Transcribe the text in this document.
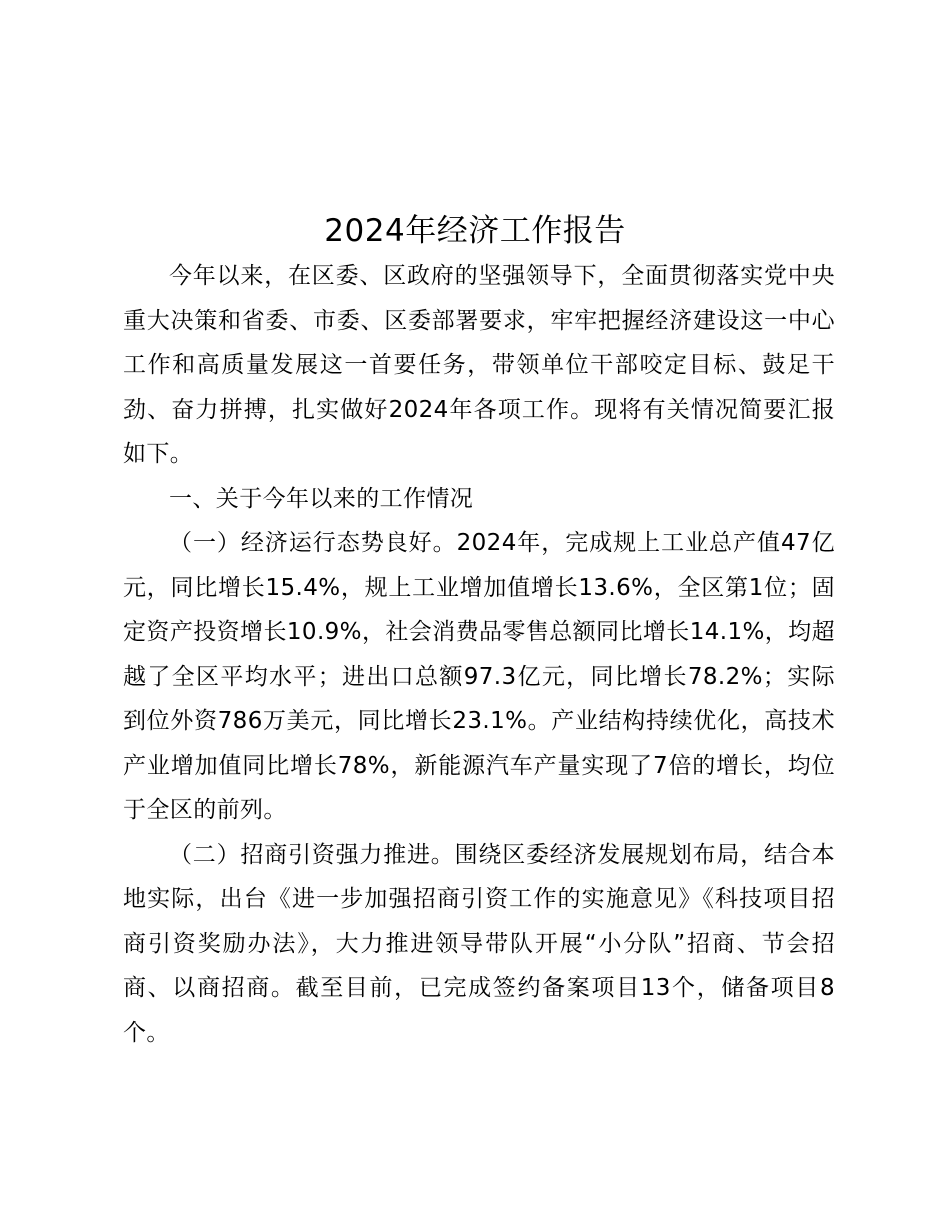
2024年经济工作报告

今年以来，在区委、区政府的坚强领导下，全面贯彻落实党中央重大决策和省委、市委、区委部署要求，牢牢把握经济建设这一中心工作和高质量发展这一首要任务，带领单位干部咬定目标、鼓足干劲、奋力拼搏，扎实做好2024年各项工作。现将有关情况简要汇报如下。

一、关于今年以来的工作情况

（一）经济运行态势良好。2024年，完成规上工业总产值47亿元，同比增长15.4%，规上工业增加值增长13.6%，全区第1位；固定资产投资增长10.9%，社会消费品零售总额同比增长14.1%，均超越了全区平均水平；进出口总额97.3亿元，同比增长78.2%；实际到位外资786万美元，同比增长23.1%。产业结构持续优化，高技术产业增加值同比增长78%，新能源汽车产量实现了7倍的增长，均位于全区的前列。

（二）招商引资强力推进。围绕区委经济发展规划布局，结合本地实际，出台《进一步加强招商引资工作的实施意见》《科技项目招商引资奖励办法》，大力推进领导带队开展“小分队”招商、节会招商、以商招商。截至目前，已完成签约备案项目13个，储备项目8个。
